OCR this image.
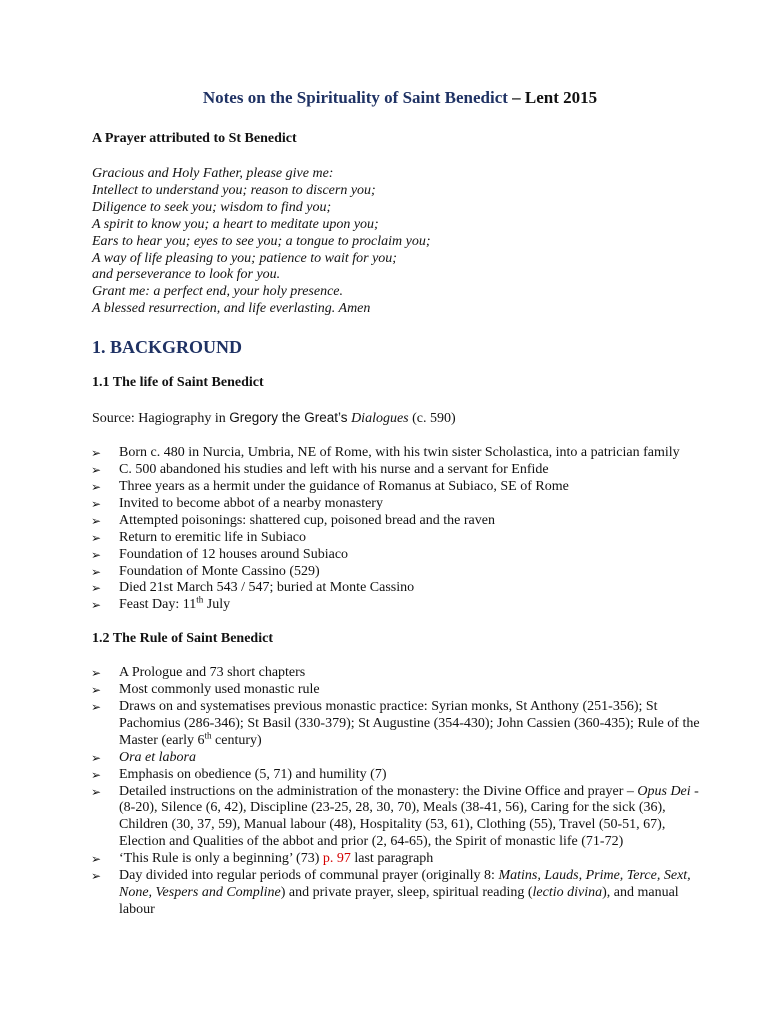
Notes on the Spirituality of Saint Benedict – Lent 2015

A Prayer attributed to St Benedict

Gracious and Holy Father, please give me:
Intellect to understand you; reason to discern you;
Diligence to seek you; wisdom to find you;
A spirit to know you; a heart to meditate upon you;
Ears to hear you; eyes to see you; a tongue to proclaim you;
A way of life pleasing to you; patience to wait for you;
and perseverance to look for you.
Grant me: a perfect end, your holy presence.
A blessed resurrection, and life everlasting. Amen
1. BACKGROUND
1.1 The life of Saint Benedict

Source: Hagiography in Gregory the Great’s Dialogues (c. 590)

➢ Born c. 480 in Nurcia, Umbria, NE of Rome, with his twin sister Scholastica, into a patrician family
➢ C. 500 abandoned his studies and left with his nurse and a servant for Enfide
➢ Three years as a hermit under the guidance of Romanus at Subiaco, SE of Rome
➢ Invited to become abbot of a nearby monastery
➢ Attempted poisonings: shattered cup, poisoned bread and the raven
➢ Return to eremitic life in Subiaco
➢ Foundation of 12 houses around Subiaco
➢ Foundation of Monte Cassino (529)
➢ Died 21st March 543 / 547; buried at Monte Cassino
➢ Feast Day: 11th July
1.2 The Rule of Saint Benedict
➢ A Prologue and 73 short chapters
➢ Most commonly used monastic rule
➢ Draws on and systematises previous monastic practice: Syrian monks, St Anthony (251-356); St Pachomius (286-346); St Basil (330-379); St Augustine (354-430); John Cassien (360-435); Rule of the Master (early 6th century)
➢ Ora et labora
➢ Emphasis on obedience (5, 71) and humility (7)
➢ Detailed instructions on the administration of the monastery: the Divine Office and prayer – Opus Dei - (8-20), Silence (6, 42), Discipline (23-25, 28, 30, 70), Meals (38-41, 56), Caring for the sick (36), Children (30, 37, 59), Manual labour (48), Hospitality (53, 61), Clothing (55), Travel (50-51, 67), Election and Qualities of the abbot and prior (2, 64-65), the Spirit of monastic life (71-72)
➢ ‘This Rule is only a beginning’ (73) p. 97 last paragraph
➢ Day divided into regular periods of communal prayer (originally 8: Matins, Lauds, Prime, Terce, Sext, None, Vespers and Compline) and private prayer, sleep, spiritual reading (lectio divina), and manual labour
